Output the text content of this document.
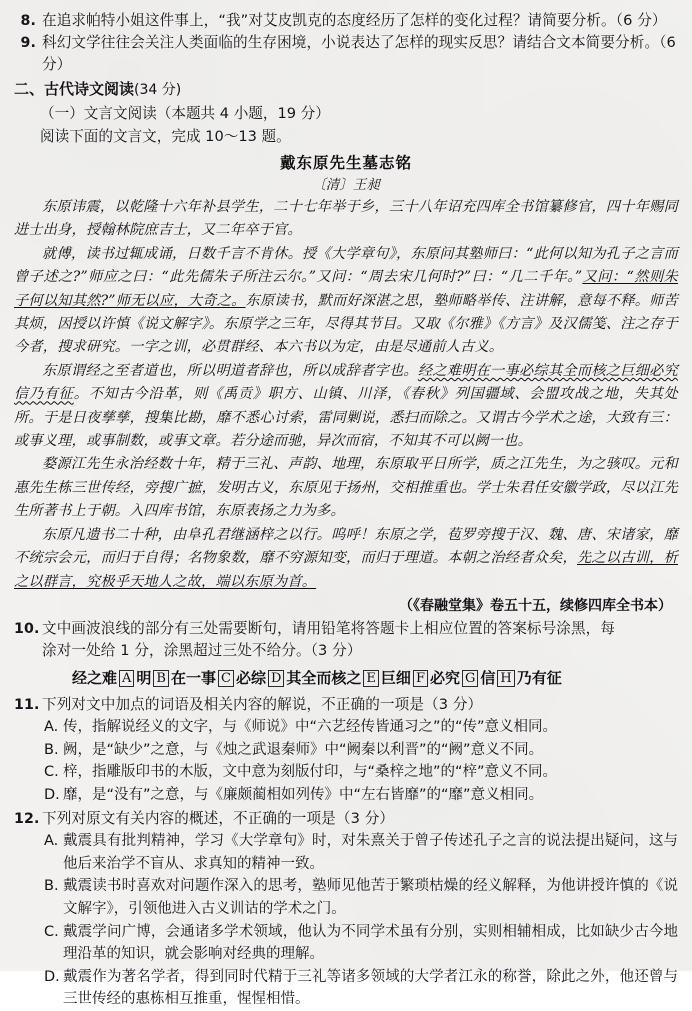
8. 在追求帕特小姐这件事上，“我”对艾皮凯克的态度经历了怎样的变化过程？请简要分析。（6 分）
9. 科幻文学往往会关注人类面临的生存困境，小说表达了怎样的现实反思？请结合文本简要分析。（6 分）
二、古代诗文阅读(34 分)
（一）文言文阅读（本题共 4 小题，19 分）
阅读下面的文言文，完成 10～13 题。
戴东原先生墓志铭
〔清〕王昶

东原讳震，以乾隆十六年补县学生，二十七年举于乡，三十八年诏充四库全书馆纂修官，四十年赐同进士出身，授翰林院庶吉士，又二年卒于官。

就傅，读书过辄成诵，日数千言不肯休。授《大学章句》，东原问其塾师曰：“此何以知为孔子之言而曾子述之?”师应之曰：“此先儒朱子所注云尔。”又问：“周去宋几何时?”曰：“几二千年。”又问：“然则朱子何以知其然?”师无以应，大奇之。东原读书，默而好深湛之思，塾师略举传、注讲解，意每不释。师苦其烦，因授以许慎《说文解字》。东原学之三年，尽得其节目。又取《尔雅》《方言》及汉儒笺、注之存于今者，搜求研究。一字之训，必贯群经、本六书以为定，由是尽通前人古义。

东原谓经之至者道也，所以明道者辞也，所以成辞者字也。经之难明在一事必综其全而核之巨细必究信乃有征。不知古今沿革，则《禹贡》职方、山镇、川泽，《春秋》列国疆域、会盟攻战之地，失其处所。于是日夜孳孳，搜集比勘，靡不悉心讨索，雷同剿说，悉扫而除之。又谓古今学术之途，大致有三：或事义理，或事制数，或事文章。若分途而驰，异次而宿，不知其不可以阙一也。

婺源江先生永治经数十年，精于三礼、声韵、地理，东原取平日所学，质之江先生，为之骇叹。元和惠先生栋三世传经，旁搜广摭，发明古义，东原见于扬州，交相推重也。学士朱君任安徽学政，尽以江先生所著书上于朝。入四库书馆，东原表扬之力为多。

东原凡遗书二十种，由阜孔君继涵梓之以行。呜呼！东原之学，苞罗旁搜于汉、魏、唐、宋诸家，靡不统宗会元，而归于自得；名物象数，靡不穷源知变，而归于理道。本朝之治经者众矣，先之以古训，析之以群言，究极乎天地人之故，端以东原为首。

（《春融堂集》卷五十五，续修四库全书本）
10. 文中画波浪线的部分有三处需要断句，请用铅笔将答题卡上相应位置的答案标号涂黑，每
涂对一处给 1 分，涂黑超过三处不给分。（3 分）
经之难 A 明 B 在一事 C 必综 D 其全而核之 E 巨细 F 必究 G 信 H 乃有征
11. 下列对文中加点的词语及相关内容的解说，不正确的一项是（3 分）
A. 传，指解说经义的文字，与《师说》中“六艺经传皆通习之”的“传”意义相同。
B. 阙，是“缺少”之意，与《烛之武退秦师》中“阙秦以利晋”的“阙”意义不同。
C. 梓，指雕版印书的木版，文中意为刻版付印，与“桑梓之地”的“梓”意义不同。
D. 靡，是“没有”之意，与《廉颇蔺相如列传》中“左右皆靡”的“靡”意义相同。
12. 下列对原文有关内容的概述，不正确的一项是（3 分）
A. 戴震具有批判精神，学习《大学章句》时，对朱熹关于曾子传述孔子之言的说法提出疑问，这与他后来治学不盲从、求真知的精神一致。
B. 戴震读书时喜欢对问题作深入的思考，塾师见他苦于繁琐枯燥的经义解释，为他讲授许慎的《说文解字》，引领他进入古义训诂的学术之门。
C. 戴震学问广博，会通诸多学术领域，他认为不同学术虽有分别，实则相辅相成，比如缺少古今地理沿革的知识，就会影响对经典的理解。
D. 戴震作为著名学者，得到同时代精于三礼等诸多领域的大学者江永的称誉，除此之外，他还曾与三世传经的惠栋相互推重，惺惺相惜。
